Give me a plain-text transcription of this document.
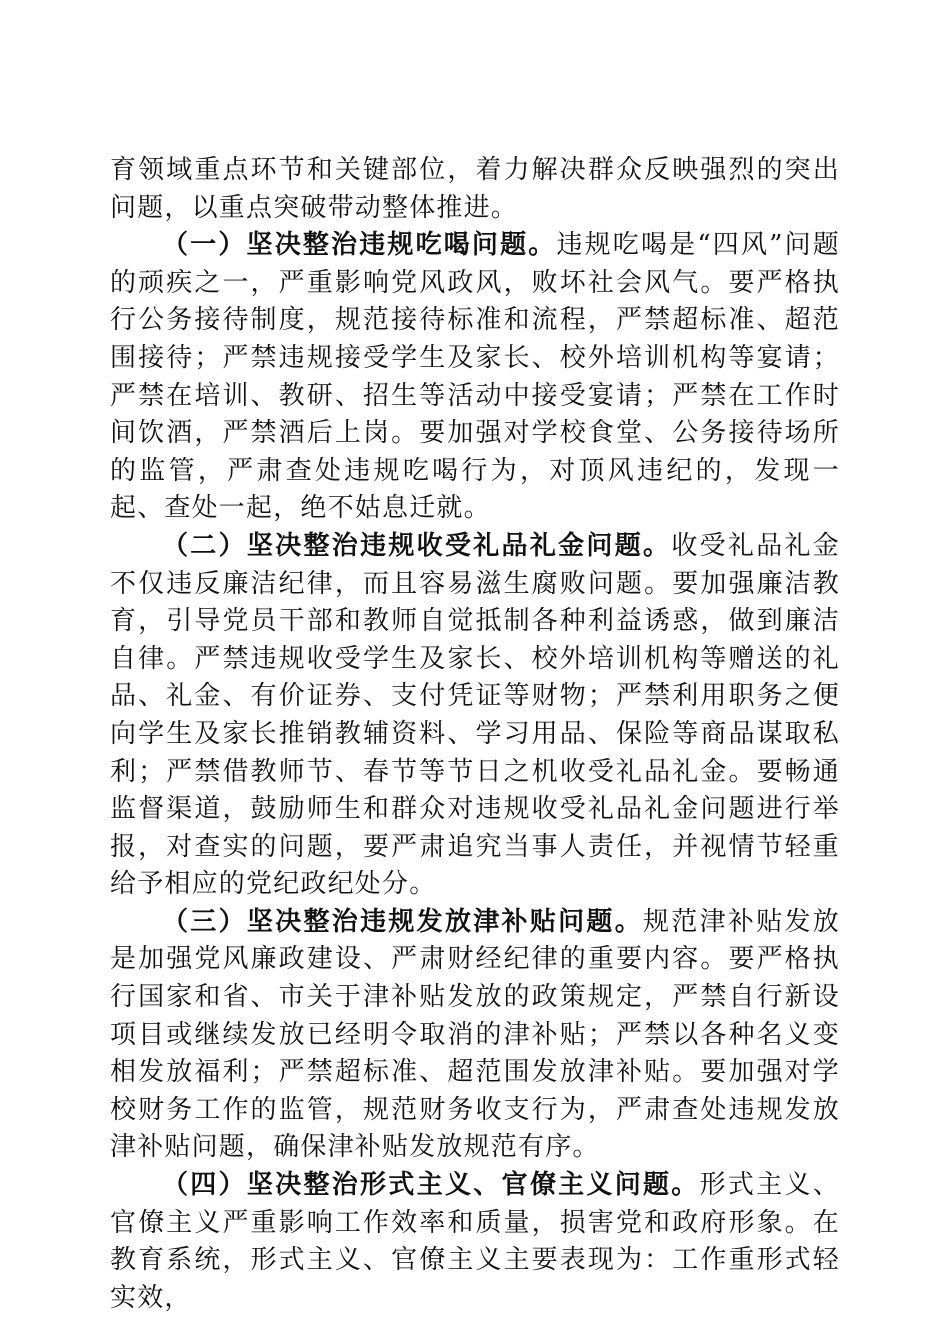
育领域重点环节和关键部位，着力解决群众反映强烈的突出问题，以重点突破带动整体推进。

（一）坚决整治违规吃喝问题。违规吃喝是“四风”问题的顽疾之一，严重影响党风政风，败坏社会风气。要严格执行公务接待制度，规范接待标准和流程，严禁超标准、超范围接待；严禁违规接受学生及家长、校外培训机构等宴请；严禁在培训、教研、招生等活动中接受宴请；严禁在工作时间饮酒，严禁酒后上岗。要加强对学校食堂、公务接待场所的监管，严肃查处违规吃喝行为，对顶风违纪的，发现一起、查处一起，绝不姑息迁就。

（二）坚决整治违规收受礼品礼金问题。收受礼品礼金不仅违反廉洁纪律，而且容易滋生腐败问题。要加强廉洁教育，引导党员干部和教师自觉抵制各种利益诱惑，做到廉洁自律。严禁违规收受学生及家长、校外培训机构等赠送的礼品、礼金、有价证券、支付凭证等财物；严禁利用职务之便向学生及家长推销教辅资料、学习用品、保险等商品谋取私利；严禁借教师节、春节等节日之机收受礼品礼金。要畅通监督渠道，鼓励师生和群众对违规收受礼品礼金问题进行举报，对查实的问题，要严肃追究当事人责任，并视情节轻重给予相应的党纪政纪处分。

（三）坚决整治违规发放津补贴问题。规范津补贴发放是加强党风廉政建设、严肃财经纪律的重要内容。要严格执行国家和省、市关于津补贴发放的政策规定，严禁自行新设项目或继续发放已经明令取消的津补贴；严禁以各种名义变相发放福利；严禁超标准、超范围发放津补贴。要加强对学校财务工作的监管，规范财务收支行为，严肃查处违规发放津补贴问题，确保津补贴发放规范有序。

（四）坚决整治形式主义、官僚主义问题。形式主义、官僚主义严重影响工作效率和质量，损害党和政府形象。在教育系统，形式主义、官僚主义主要表现为：工作重形式轻实效，
